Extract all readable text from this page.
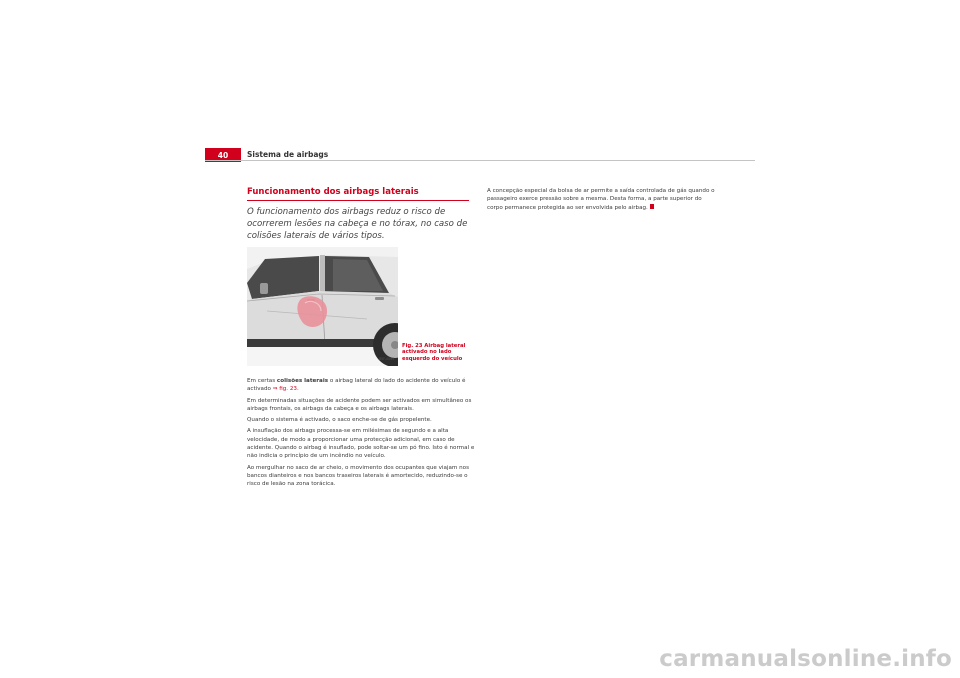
40	Sistema de airbags
Funcionamento dos airbags laterais
O funcionamento dos airbags reduz o risco de ocorrerem lesões na cabeça e no tórax, no caso de colisões laterais de vários tipos.
B5F-0069
Fig. 23 Airbag lateral activado no lado esquerdo do veículo

Em certas colisões laterais o airbag lateral do lado do acidente do veículo é activado ⇒ fig. 23.

Em determinadas situações de acidente podem ser activados em simultâneo os airbags frontais, os airbags da cabeça e os airbags laterais.

Quando o sistema é activado, o saco enche-se de gás propelente.

A insuflação dos airbags processa-se em milésimas de segundo e a alta velocidade, de modo a proporcionar uma protecção adicional, em caso de acidente. Quando o airbag é insuflado, pode soltar-se um pó fino. Isto é normal e não indicia o princípio de um incêndio no veículo.

Ao mergulhar no saco de ar cheio, o movimento dos ocupantes que viajam nos bancos dianteiros e nos bancos traseiros laterais é amortecido, reduzindo-se o risco de lesão na zona torácica.

A concepção especial da bolsa de ar permite a saída controlada de gás quando o passageiro exerce pressão sobre a mesma. Desta forma, a parte superior do corpo permanece protegida ao ser envolvida pelo airbag.

carmanualsonline.info
